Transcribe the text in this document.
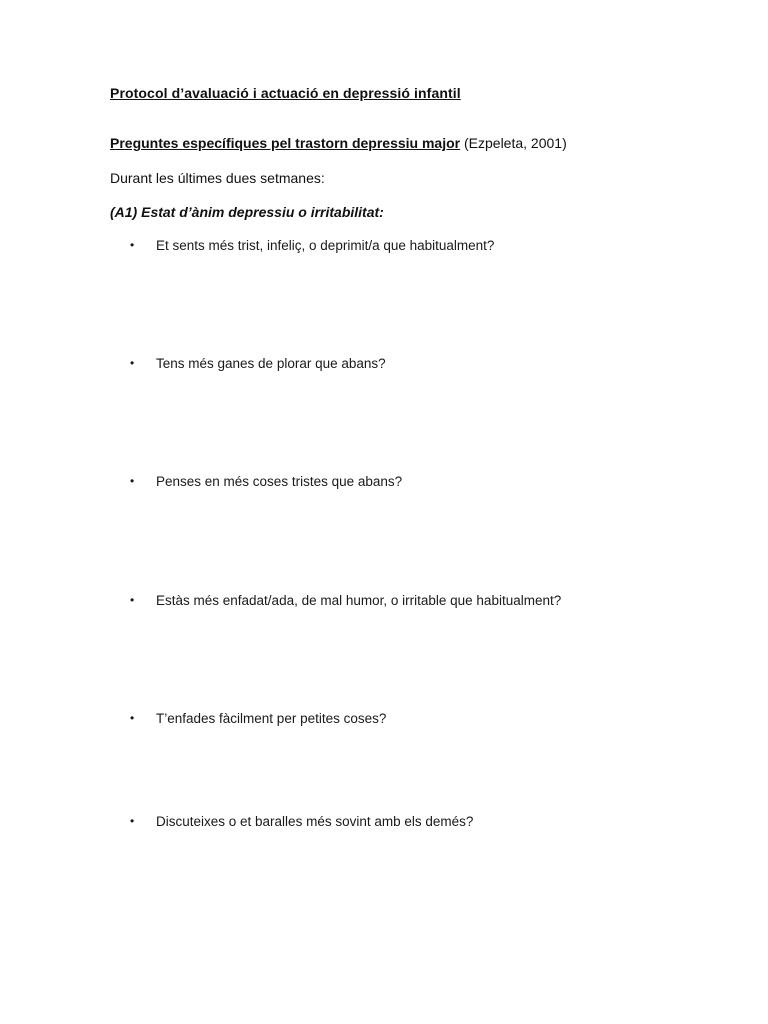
Protocol d’avaluació i actuació en depressió infantil
Preguntes específiques pel trastorn depressiu major (Ezpeleta, 2001)
Durant les últimes dues setmanes:
(A1) Estat d’ànim depressiu o irritabilitat:
• Et sents més trist, infeliç, o deprimit/a que habitualment?
• Tens més ganes de plorar que abans?
• Penses en més coses tristes que abans?
• Estàs més enfadat/ada, de mal humor, o irritable que habitualment?
• T’enfades fàcilment per petites coses?
• Discuteixes o et baralles més sovint amb els demés?
